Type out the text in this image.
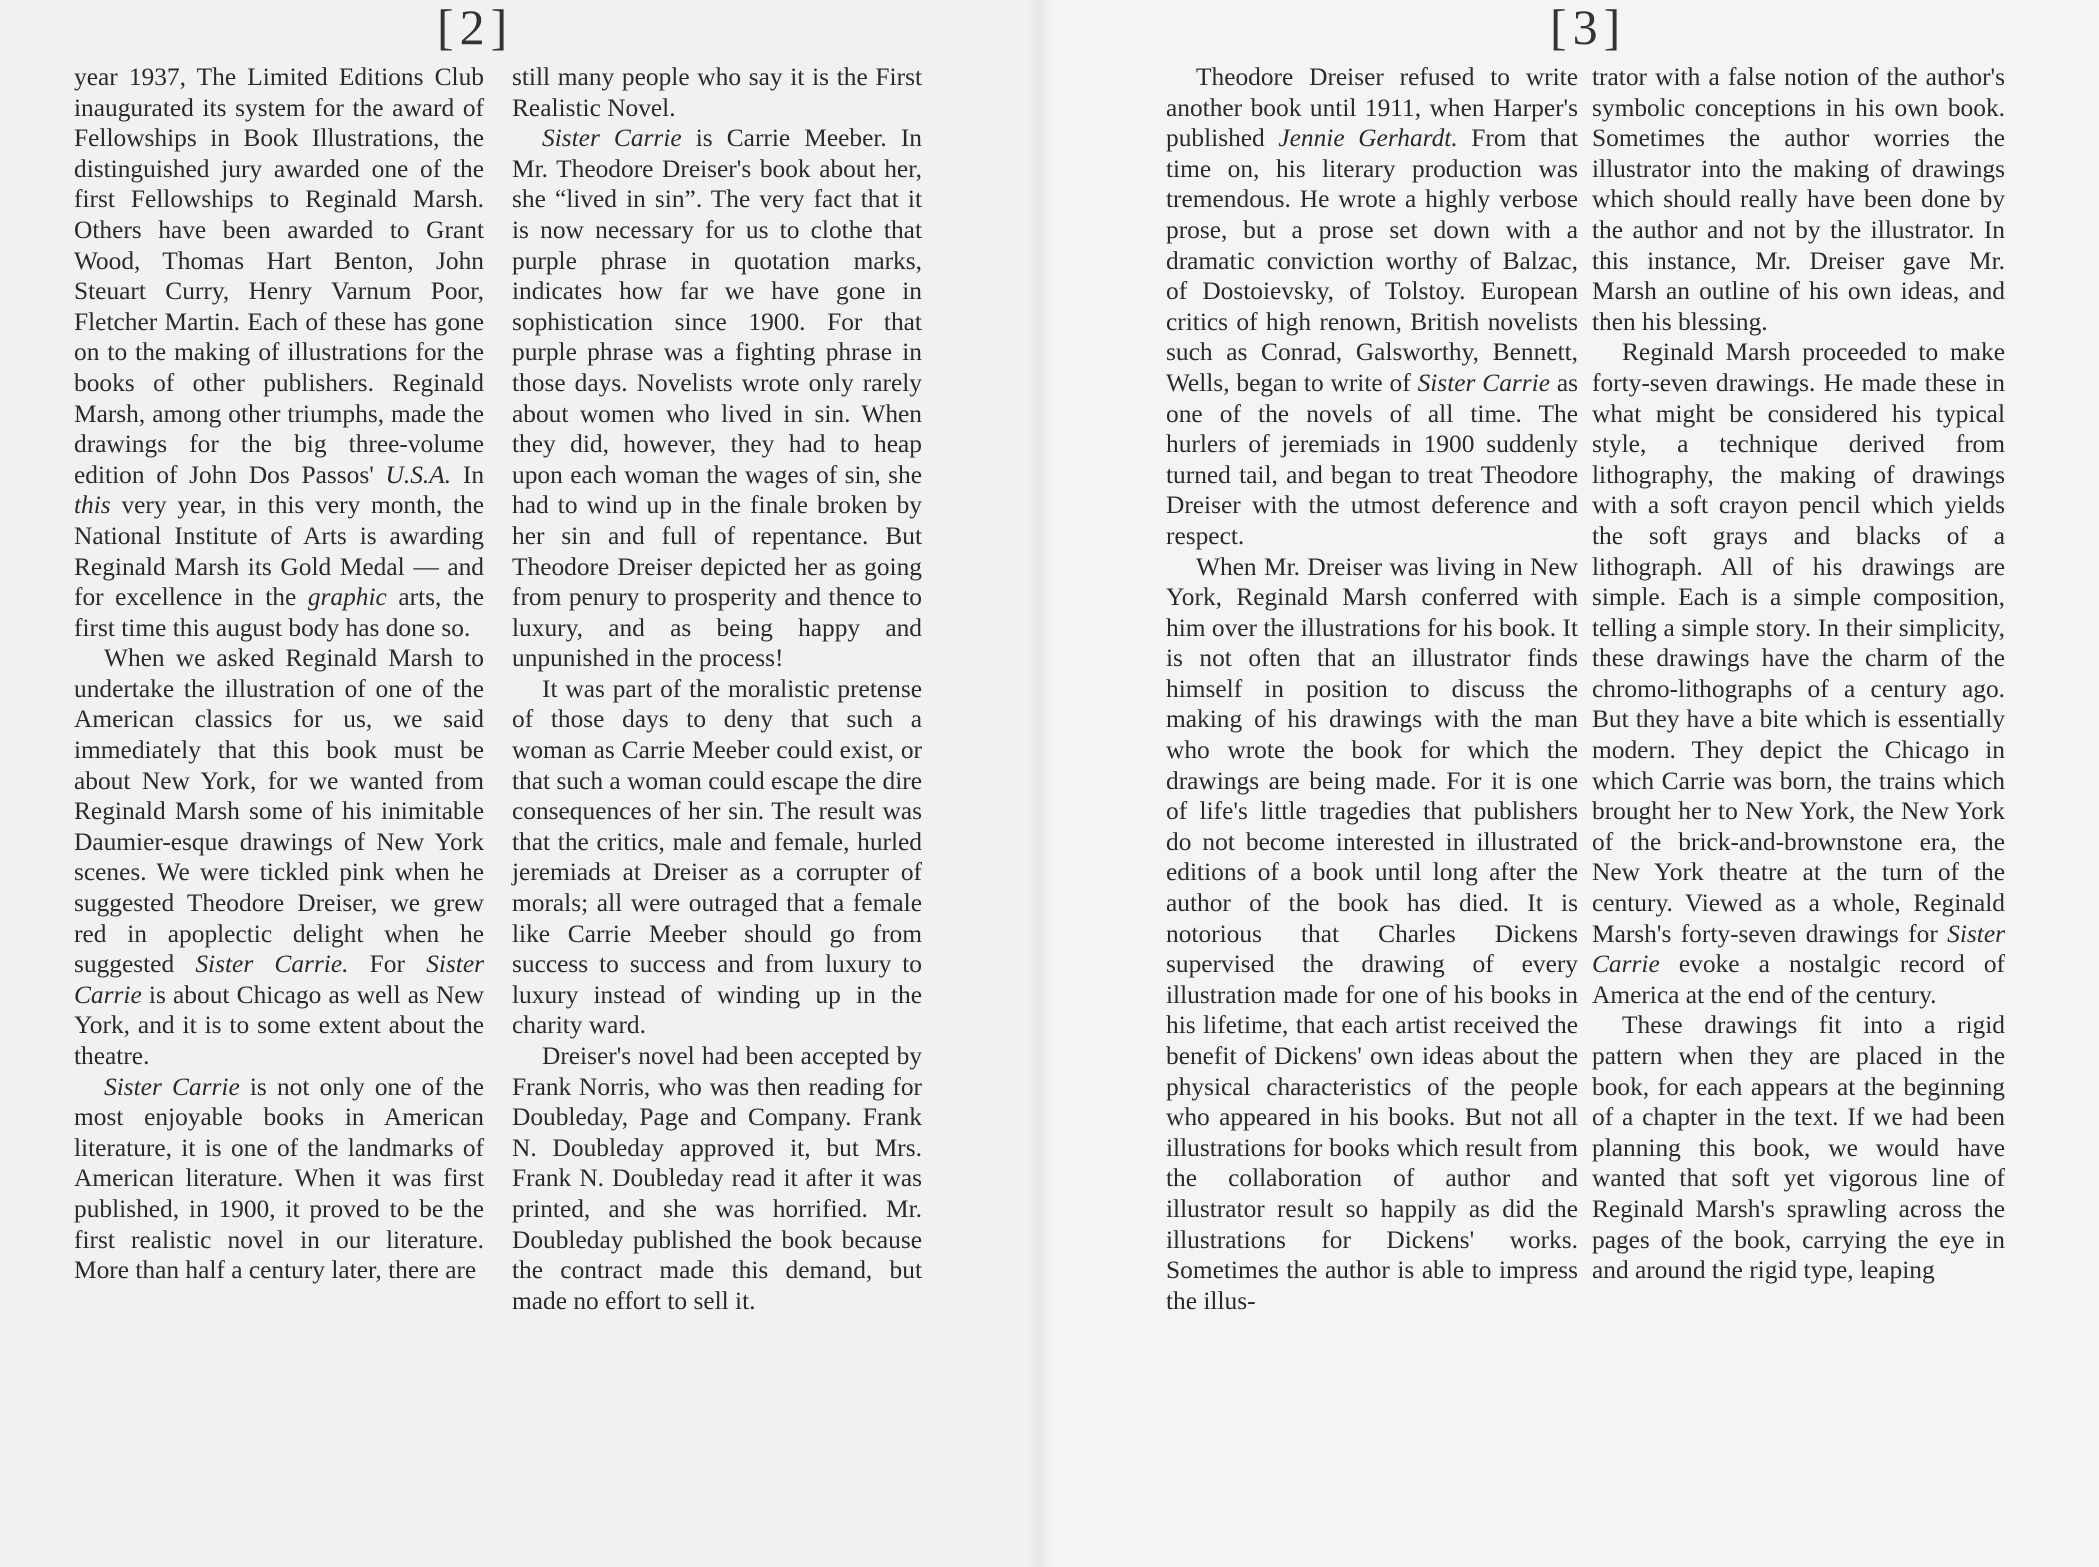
[2]	[3]

year 1937, The Limited Editions Club inaugurated its system for the award of Fellowships in Book Illustrations, the distinguished jury awarded one of the first Fellowships to Reginald Marsh. Others have been awarded to Grant Wood, Thomas Hart Benton, John Steuart Curry, Henry Varnum Poor, Fletcher Martin. Each of these has gone on to the making of illustrations for the books of other publishers. Reginald Marsh, among other triumphs, made the drawings for the big three-volume edition of John Dos Passos' U.S.A. In this very year, in this very month, the National Institute of Arts is awarding Reginald Marsh its Gold Medal — and for excellence in the graphic arts, the first time this august body has done so.

When we asked Reginald Marsh to undertake the illustration of one of the American classics for us, we said immediately that this book must be about New York, for we wanted from Reginald Marsh some of his inimitable Daumier-esque drawings of New York scenes. We were tickled pink when he suggested Theodore Dreiser, we grew red in apoplectic delight when he suggested Sister Carrie. For Sister Carrie is about Chicago as well as New York, and it is to some extent about the theatre.

Sister Carrie is not only one of the most enjoyable books in American literature, it is one of the landmarks of American literature. When it was first published, in 1900, it proved to be the first realistic novel in our literature. More than half a century later, there are

still many people who say it is the First Realistic Novel.

Sister Carrie is Carrie Meeber. In Mr. Theodore Dreiser's book about her, she “lived in sin”. The very fact that it is now necessary for us to clothe that purple phrase in quotation marks, indicates how far we have gone in sophistication since 1900. For that purple phrase was a fighting phrase in those days. Novelists wrote only rarely about women who lived in sin. When they did, however, they had to heap upon each woman the wages of sin, she had to wind up in the finale broken by her sin and full of repentance. But Theodore Dreiser depicted her as going from penury to prosperity and thence to luxury, and as being happy and unpunished in the process!

It was part of the moralistic pretense of those days to deny that such a woman as Carrie Meeber could exist, or that such a woman could escape the dire consequences of her sin. The result was that the critics, male and female, hurled jeremiads at Dreiser as a corrupter of morals; all were outraged that a female like Carrie Meeber should go from success to success and from luxury to luxury instead of winding up in the charity ward.

Dreiser's novel had been accepted by Frank Norris, who was then reading for Doubleday, Page and Company. Frank N. Doubleday approved it, but Mrs. Frank N. Doubleday read it after it was printed, and she was horrified. Mr. Doubleday published the book because the contract made this demand, but made no effort to sell it.

Theodore Dreiser refused to write another book until 1911, when Harper's published Jennie Gerhardt. From that time on, his literary production was tremendous. He wrote a highly verbose prose, but a prose set down with a dramatic conviction worthy of Balzac, of Dostoievsky, of Tolstoy. European critics of high renown, British novelists such as Conrad, Galsworthy, Bennett, Wells, began to write of Sister Carrie as one of the novels of all time. The hurlers of jeremiads in 1900 suddenly turned tail, and began to treat Theodore Dreiser with the utmost deference and respect.

When Mr. Dreiser was living in New York, Reginald Marsh conferred with him over the illustrations for his book. It is not often that an illustrator finds himself in position to discuss the making of his drawings with the man who wrote the book for which the drawings are being made. For it is one of life's little tragedies that publishers do not become interested in illustrated editions of a book until long after the author of the book has died. It is notorious that Charles Dickens supervised the drawing of every illustration made for one of his books in his lifetime, that each artist received the benefit of Dickens' own ideas about the physical characteristics of the people who appeared in his books. But not all illustrations for books which result from the collaboration of author and illustrator result so happily as did the illustrations for Dickens' works. Sometimes the author is able to impress the illus-

trator with a false notion of the author's symbolic conceptions in his own book. Sometimes the author worries the illustrator into the making of drawings which should really have been done by the author and not by the illustrator. In this instance, Mr. Dreiser gave Mr. Marsh an outline of his own ideas, and then his blessing.

Reginald Marsh proceeded to make forty-seven drawings. He made these in what might be considered his typical style, a technique derived from lithography, the making of drawings with a soft crayon pencil which yields the soft grays and blacks of a lithograph. All of his drawings are simple. Each is a simple composition, telling a simple story. In their simplicity, these drawings have the charm of the chromo-lithographs of a century ago. But they have a bite which is essentially modern. They depict the Chicago in which Carrie was born, the trains which brought her to New York, the New York of the brick-and-brownstone era, the New York theatre at the turn of the century. Viewed as a whole, Reginald Marsh's forty-seven drawings for Sister Carrie evoke a nostalgic record of America at the end of the century.

These drawings fit into a rigid pattern when they are placed in the book, for each appears at the beginning of a chapter in the text. If we had been planning this book, we would have wanted that soft yet vigorous line of Reginald Marsh's sprawling across the pages of the book, carrying the eye in and around the rigid type, leaping
